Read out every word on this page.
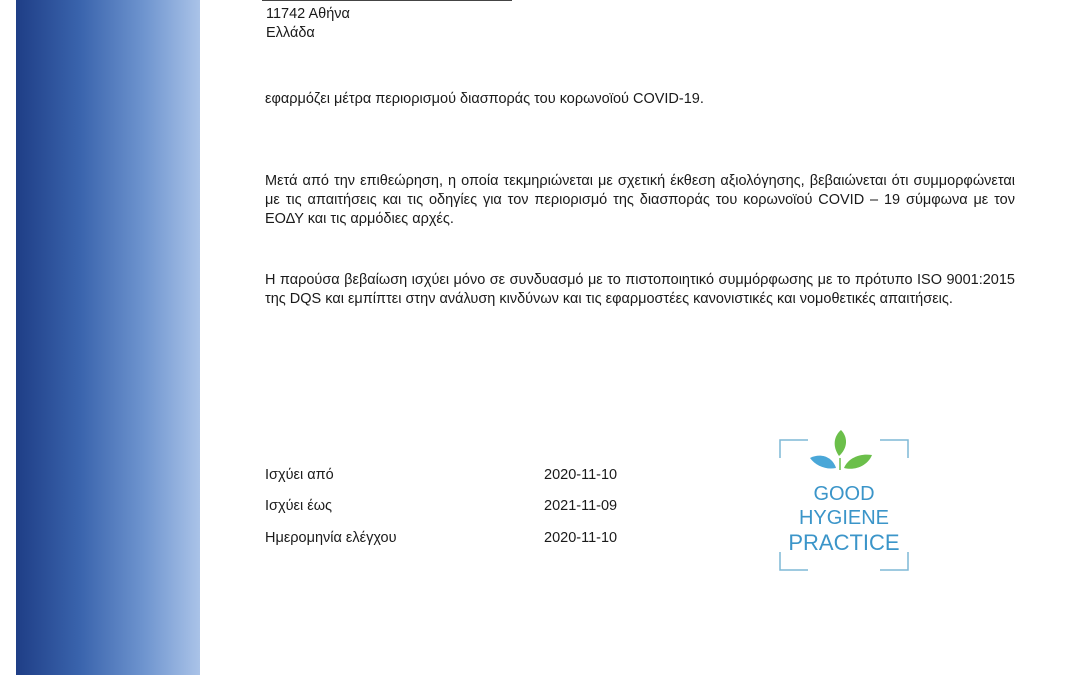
11742 Αθήνα
Ελλάδα

εφαρμόζει μέτρα περιορισμού διασποράς του κορωνοϊού COVID-19.

Μετά από την επιθεώρηση, η οποία τεκμηριώνεται με σχετική έκθεση αξιολόγησης, βεβαιώνεται ότι συμμορφώνεται με τις απαιτήσεις και τις οδηγίες για τον περιορισμό της διασποράς του κορωνοϊού COVID – 19 σύμφωνα με τον ΕΟΔΥ και τις αρμόδιες αρχές.

Η παρούσα βεβαίωση ισχύει μόνο σε συνδυασμό με το πιστοποιητικό συμμόρφωσης με το πρότυπο ISO 9001:2015 της DQS και εμπίπτει στην ανάλυση κινδύνων και τις εφαρμοστέες κανονιστικές και νομοθετικές απαιτήσεις.

Ισχύει από	2020-11-10
Ισχύει έως	2021-11-09
Ημερομηνία ελέγχου	2020-11-10
GOOD
HYGIENE
PRACTICE
